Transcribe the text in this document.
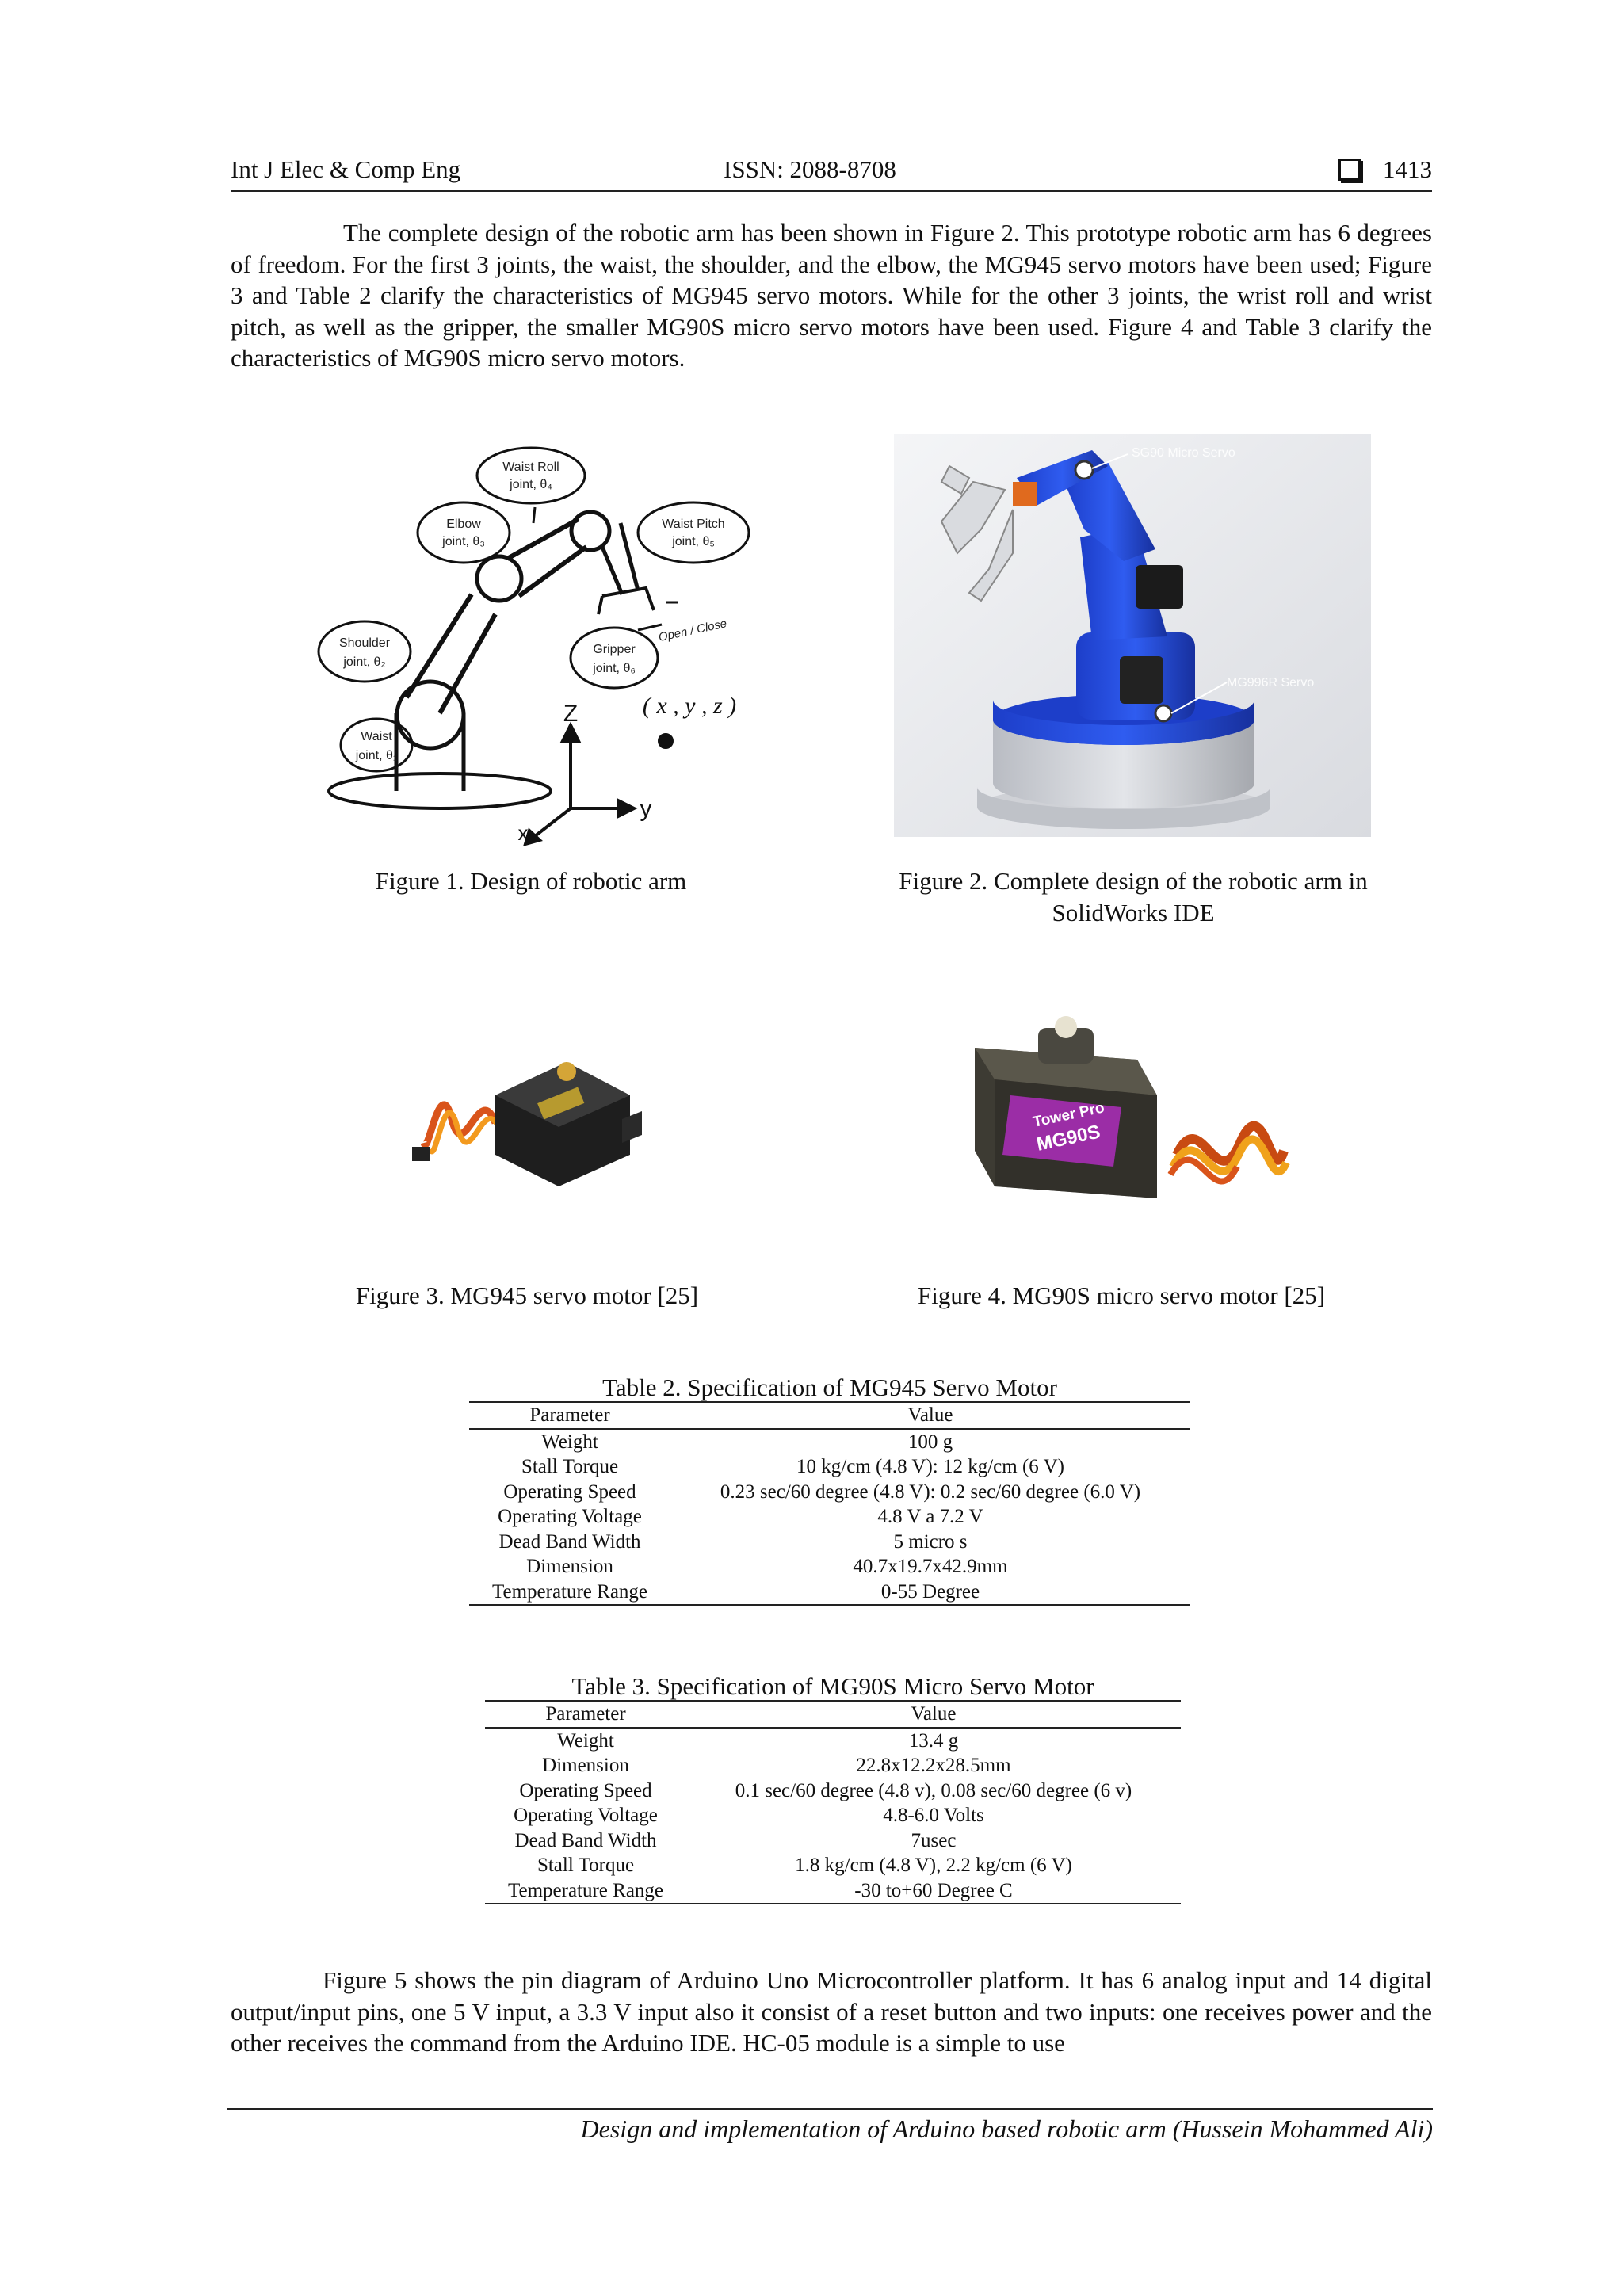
Int J Elec & Comp Eng	ISSN: 2088-8708	1413

The complete design of the robotic arm has been shown in Figure 2. This prototype robotic arm has 6 degrees of freedom. For the first 3 joints, the waist, the shoulder, and the elbow, the MG945 servo motors have been used; Figure 3 and Table 2 clarify the characteristics of MG945 servo motors. While for the other 3 joints, the wrist roll and wrist pitch, as well as the gripper, the smaller MG90S micro servo motors have been used. Figure 4 and Table 3 clarify the characteristics of MG90S micro servo motors.

Waist Roll
joint, θ₄
Elbow
joint, θ₃
Waist Pitch
joint, θ₅
Shoulder
joint, θ₂
Gripper
joint, θ₆
Waist
joint, θ₁
Open / Close
Z
y
x
( x , y , z )
SG90 Micro Servo
MG996R Servo
Figure 1. Design of robotic arm	Figure 2. Complete design of the robotic arm in SolidWorks IDE
Tower Pro
MG90S
Figure 3. MG945 servo motor [25]	Figure 4. MG90S micro servo motor [25]
Table 2. Specification of MG945 Servo Motor
Parameter	Value
Weight	100 g
Stall Torque	10 kg/cm (4.8 V): 12 kg/cm (6 V)
Operating Speed	0.23 sec/60 degree (4.8 V): 0.2 sec/60 degree (6.0 V)
Operating Voltage	4.8 V a 7.2 V
Dead Band Width	5 micro s
Dimension	40.7x19.7x42.9mm
Temperature Range	0-55 Degree
Table 3. Specification of MG90S Micro Servo Motor
Parameter	Value
Weight	13.4 g
Dimension	22.8x12.2x28.5mm
Operating Speed	0.1 sec/60 degree (4.8 v), 0.08 sec/60 degree (6 v)
Operating Voltage	4.8-6.0 Volts
Dead Band Width	7usec
Stall Torque	1.8 kg/cm (4.8 V), 2.2 kg/cm (6 V)
Temperature Range	-30 to+60 Degree C

Figure 5 shows the pin diagram of Arduino Uno Microcontroller platform. It has 6 analog input and 14 digital output/input pins, one 5 V input, a 3.3 V input also it consist of a reset button and two inputs: one receives power and the other receives the command from the Arduino IDE. HC-05 module is a simple to use

Design and implementation of Arduino based robotic arm (Hussein Mohammed Ali)
